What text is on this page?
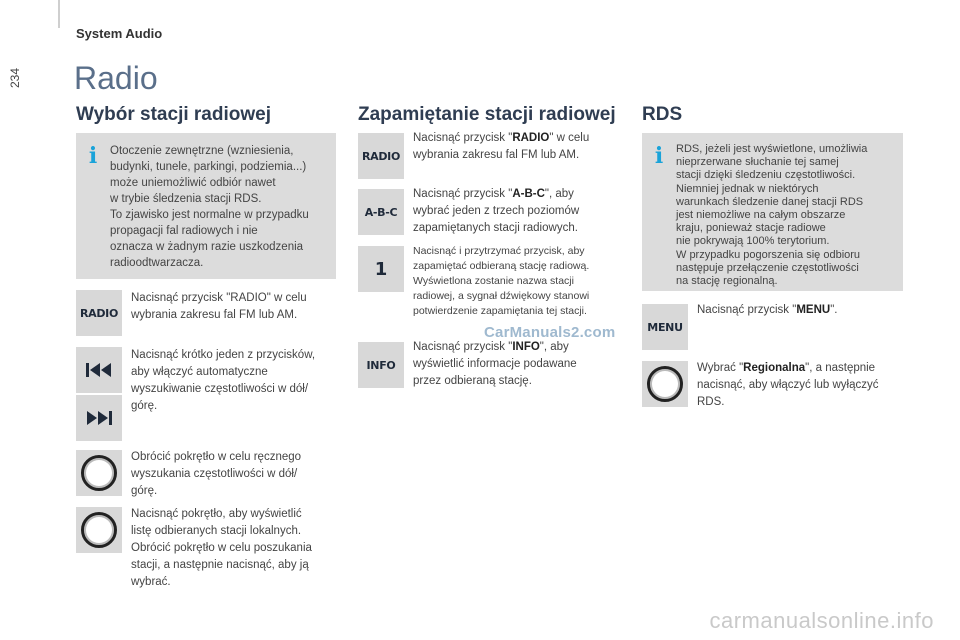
234
System Audio
Radio
Wybór stacji radiowej
i Otoczenie zewnętrzne (wzniesienia,
budynki, tunele, parkingi, podziemia...)
może uniemożliwić odbiór nawet
w trybie śledzenia stacji RDS.
To zjawisko jest normalne w przypadku
propagacji fal radiowych i nie
oznacza w żadnym razie uszkodzenia
radioodtwarzacza.

RADIO
Nacisnąć przycisk "RADIO" w celu
wybrania zakresu fal FM lub AM.
Nacisnąć krótko jeden z przycisków,
aby włączyć automatyczne
wyszukiwanie częstotliwości w dół/
górę.
Obrócić pokrętło w celu ręcznego
wyszukania częstotliwości w dół/
górę.
Nacisnąć pokrętło, aby wyświetlić
listę odbieranych stacji lokalnych.
Obrócić pokrętło w celu poszukania
stacji, a następnie nacisnąć, aby ją
wybrać.
Zapamiętanie stacji radiowej
RADIO
Nacisnąć przycisk "RADIO" w celu
wybrania zakresu fal FM lub AM.
A-B-C
Nacisnąć przycisk "A-B-C", aby
wybrać jeden z trzech poziomów
zapamiętanych stacji radiowych.
1
Nacisnąć i przytrzymać przycisk, aby
zapamiętać odbieraną stację radiową.
Wyświetlona zostanie nazwa stacji
radiowej, a sygnał dźwiękowy stanowi
potwierdzenie zapamiętania tej stacji.
CarManuals2.com
INFO
Nacisnąć przycisk "INFO", aby
wyświetlić informacje podawane
przez odbieraną stację.
RDS
i RDS, jeżeli jest wyświetlone, umożliwia
nieprzerwane słuchanie tej samej
stacji dzięki śledzeniu częstotliwości.
Niemniej jednak w niektórych
warunkach śledzenie danej stacji RDS
jest niemożliwe na całym obszarze
kraju, ponieważ stacje radiowe
nie pokrywają 100% terytorium.
W przypadku pogorszenia się odbioru
następuje przełączenie częstotliwości
na stację regionalną.

MENU
Nacisnąć przycisk "MENU".
Wybrać "Regionalna", a następnie
nacisnąć, aby włączyć lub wyłączyć
RDS.
carmanualsonline.info
